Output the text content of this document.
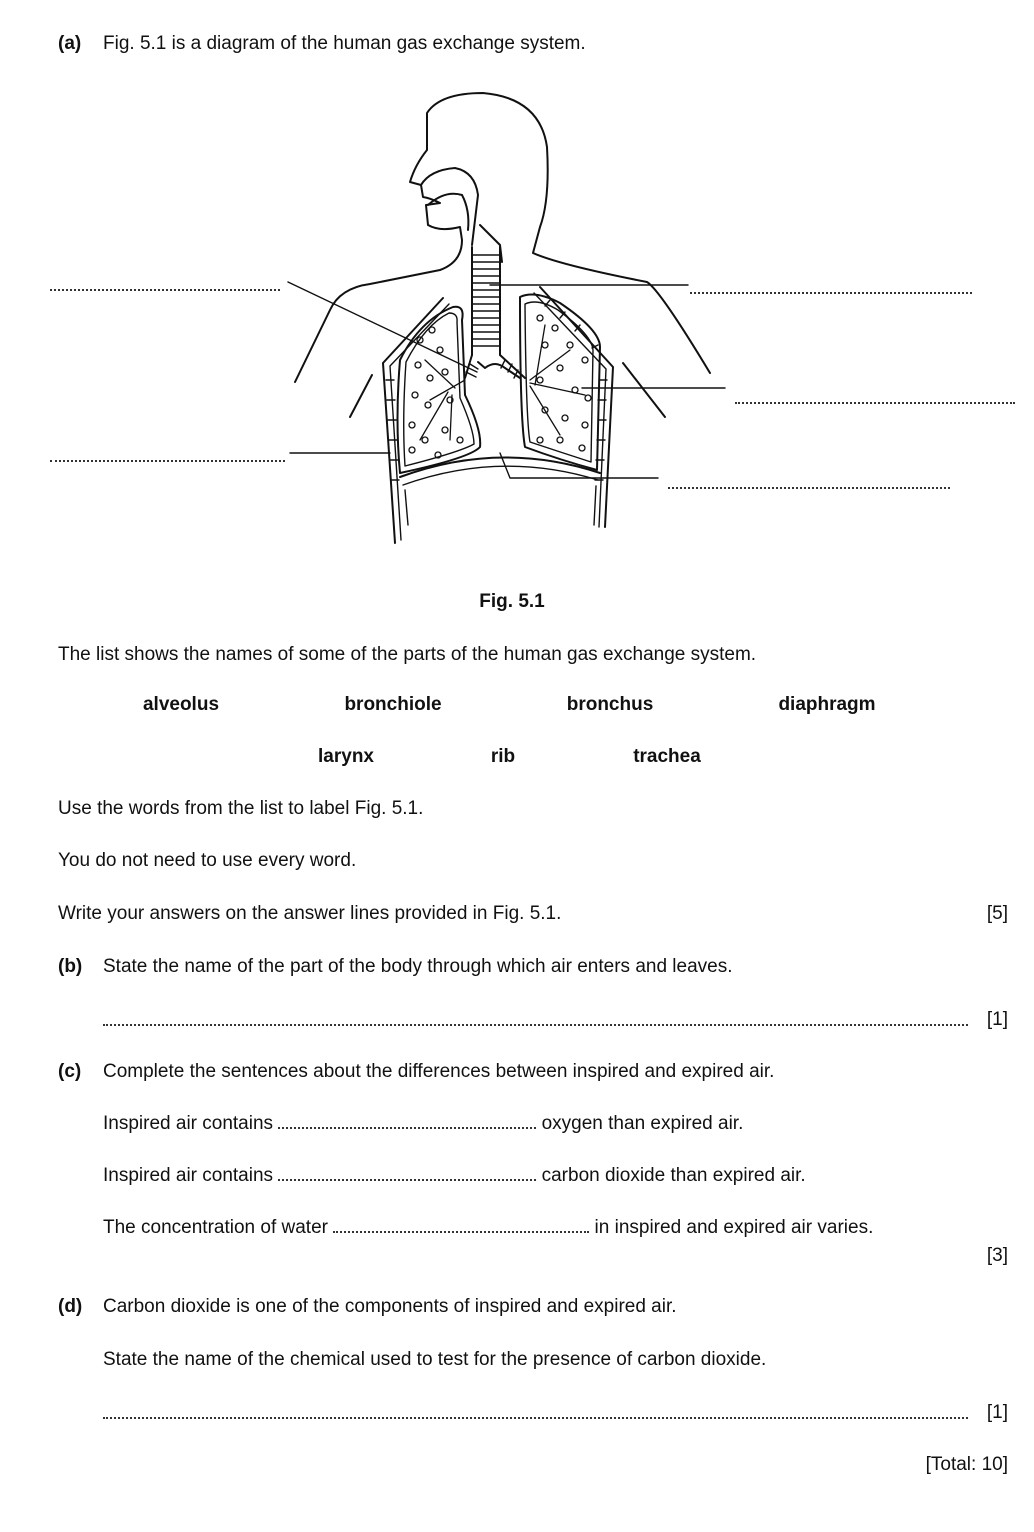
(a) Fig. 5.1 is a diagram of the human gas exchange system.
Fig. 5.1
The list shows the names of some of the parts of the human gas exchange system.
alveolus	bronchiole	bronchus	diaphragm
larynx	rib	trachea
Use the words from the list to label Fig. 5.1.
You do not need to use every word.
Write your answers on the answer lines provided in Fig. 5.1.	[5]
(b) State the name of the part of the body through which air enters and leaves.
[1]
(c) Complete the sentences about the differences between inspired and expired air.
Inspired air contains	oxygen than expired air.
Inspired air contains	carbon dioxide than expired air.
The concentration of water	in inspired and expired air varies.
[3]
(d) Carbon dioxide is one of the components of inspired and expired air.
State the name of the chemical used to test for the presence of carbon dioxide.
[1]
[Total: 10]
